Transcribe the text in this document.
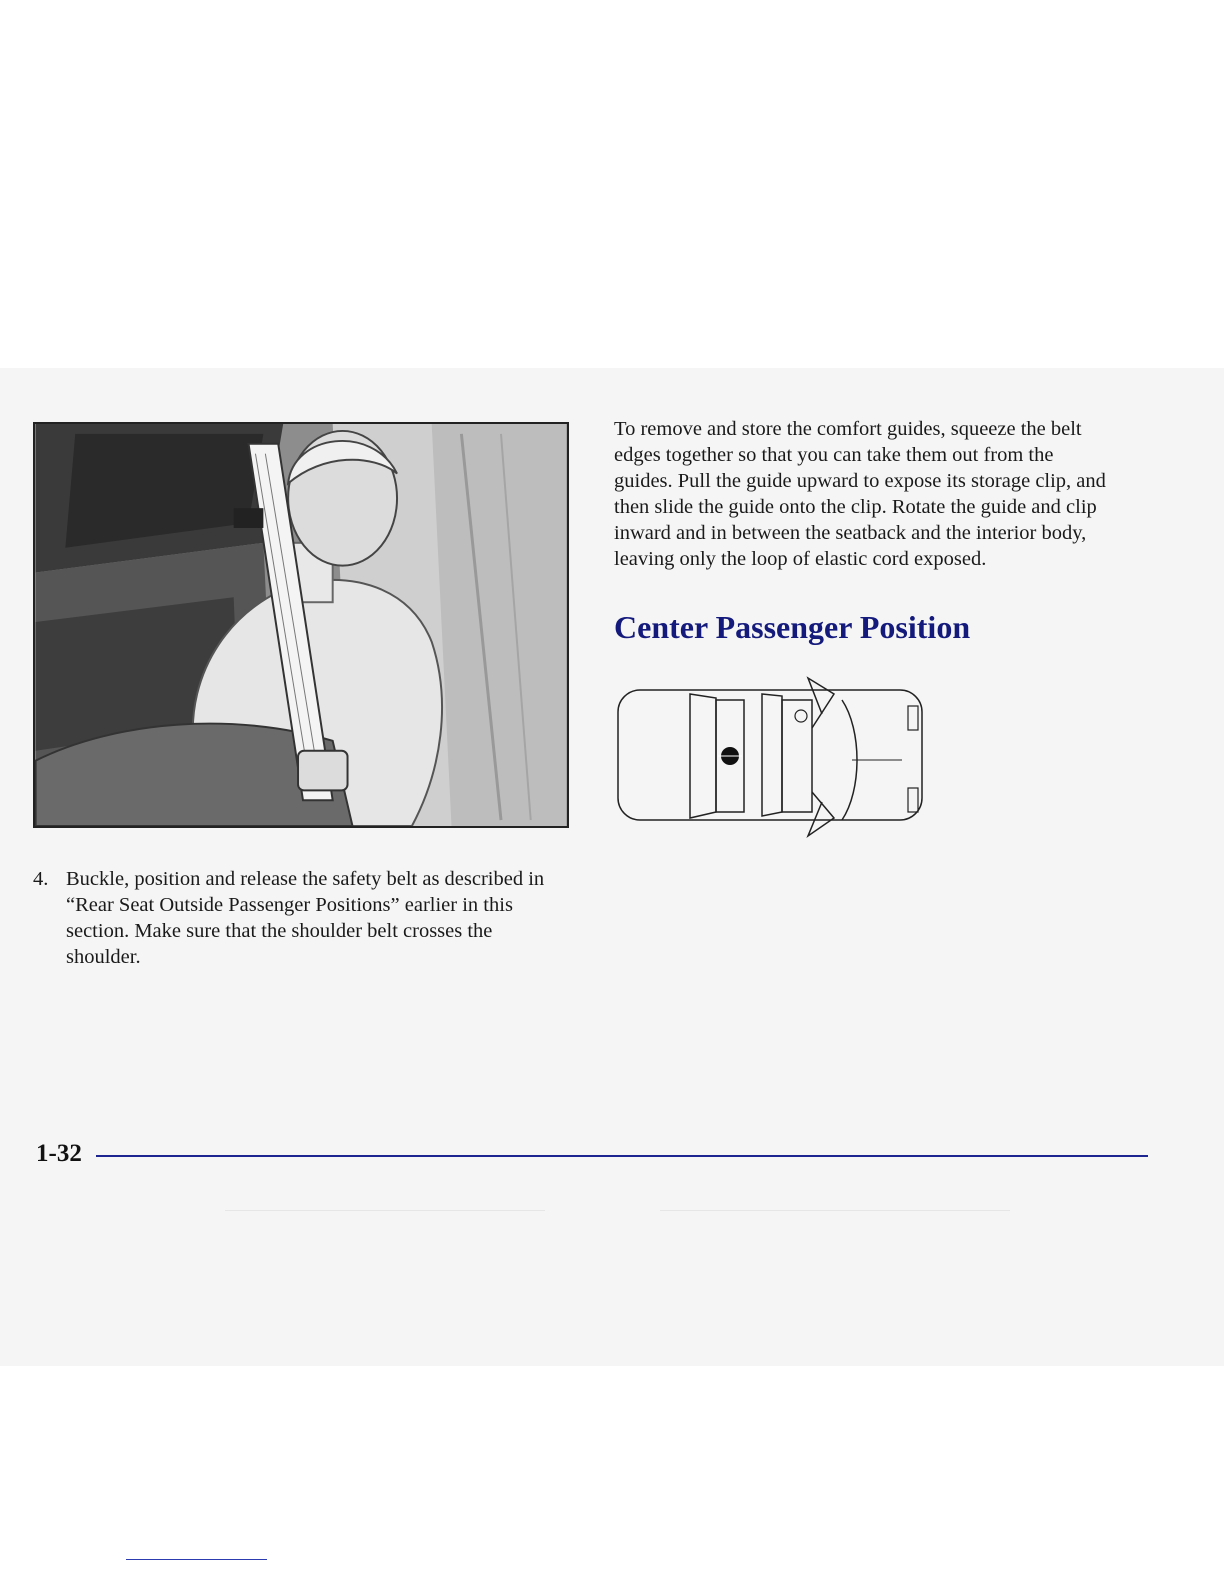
4. Buckle, position and release the safety belt as described in “Rear Seat Outside Passenger Positions” earlier in this section. Make sure that the shoulder belt crosses the shoulder.

To remove and store the comfort guides, squeeze the belt edges together so that you can take them out from the guides. Pull the guide upward to expose its storage clip, and then slide the guide onto the clip. Rotate the guide and clip inward and in between the seatback and the interior body, leaving only the loop of elastic cord exposed.

Center Passenger Position
1-32
